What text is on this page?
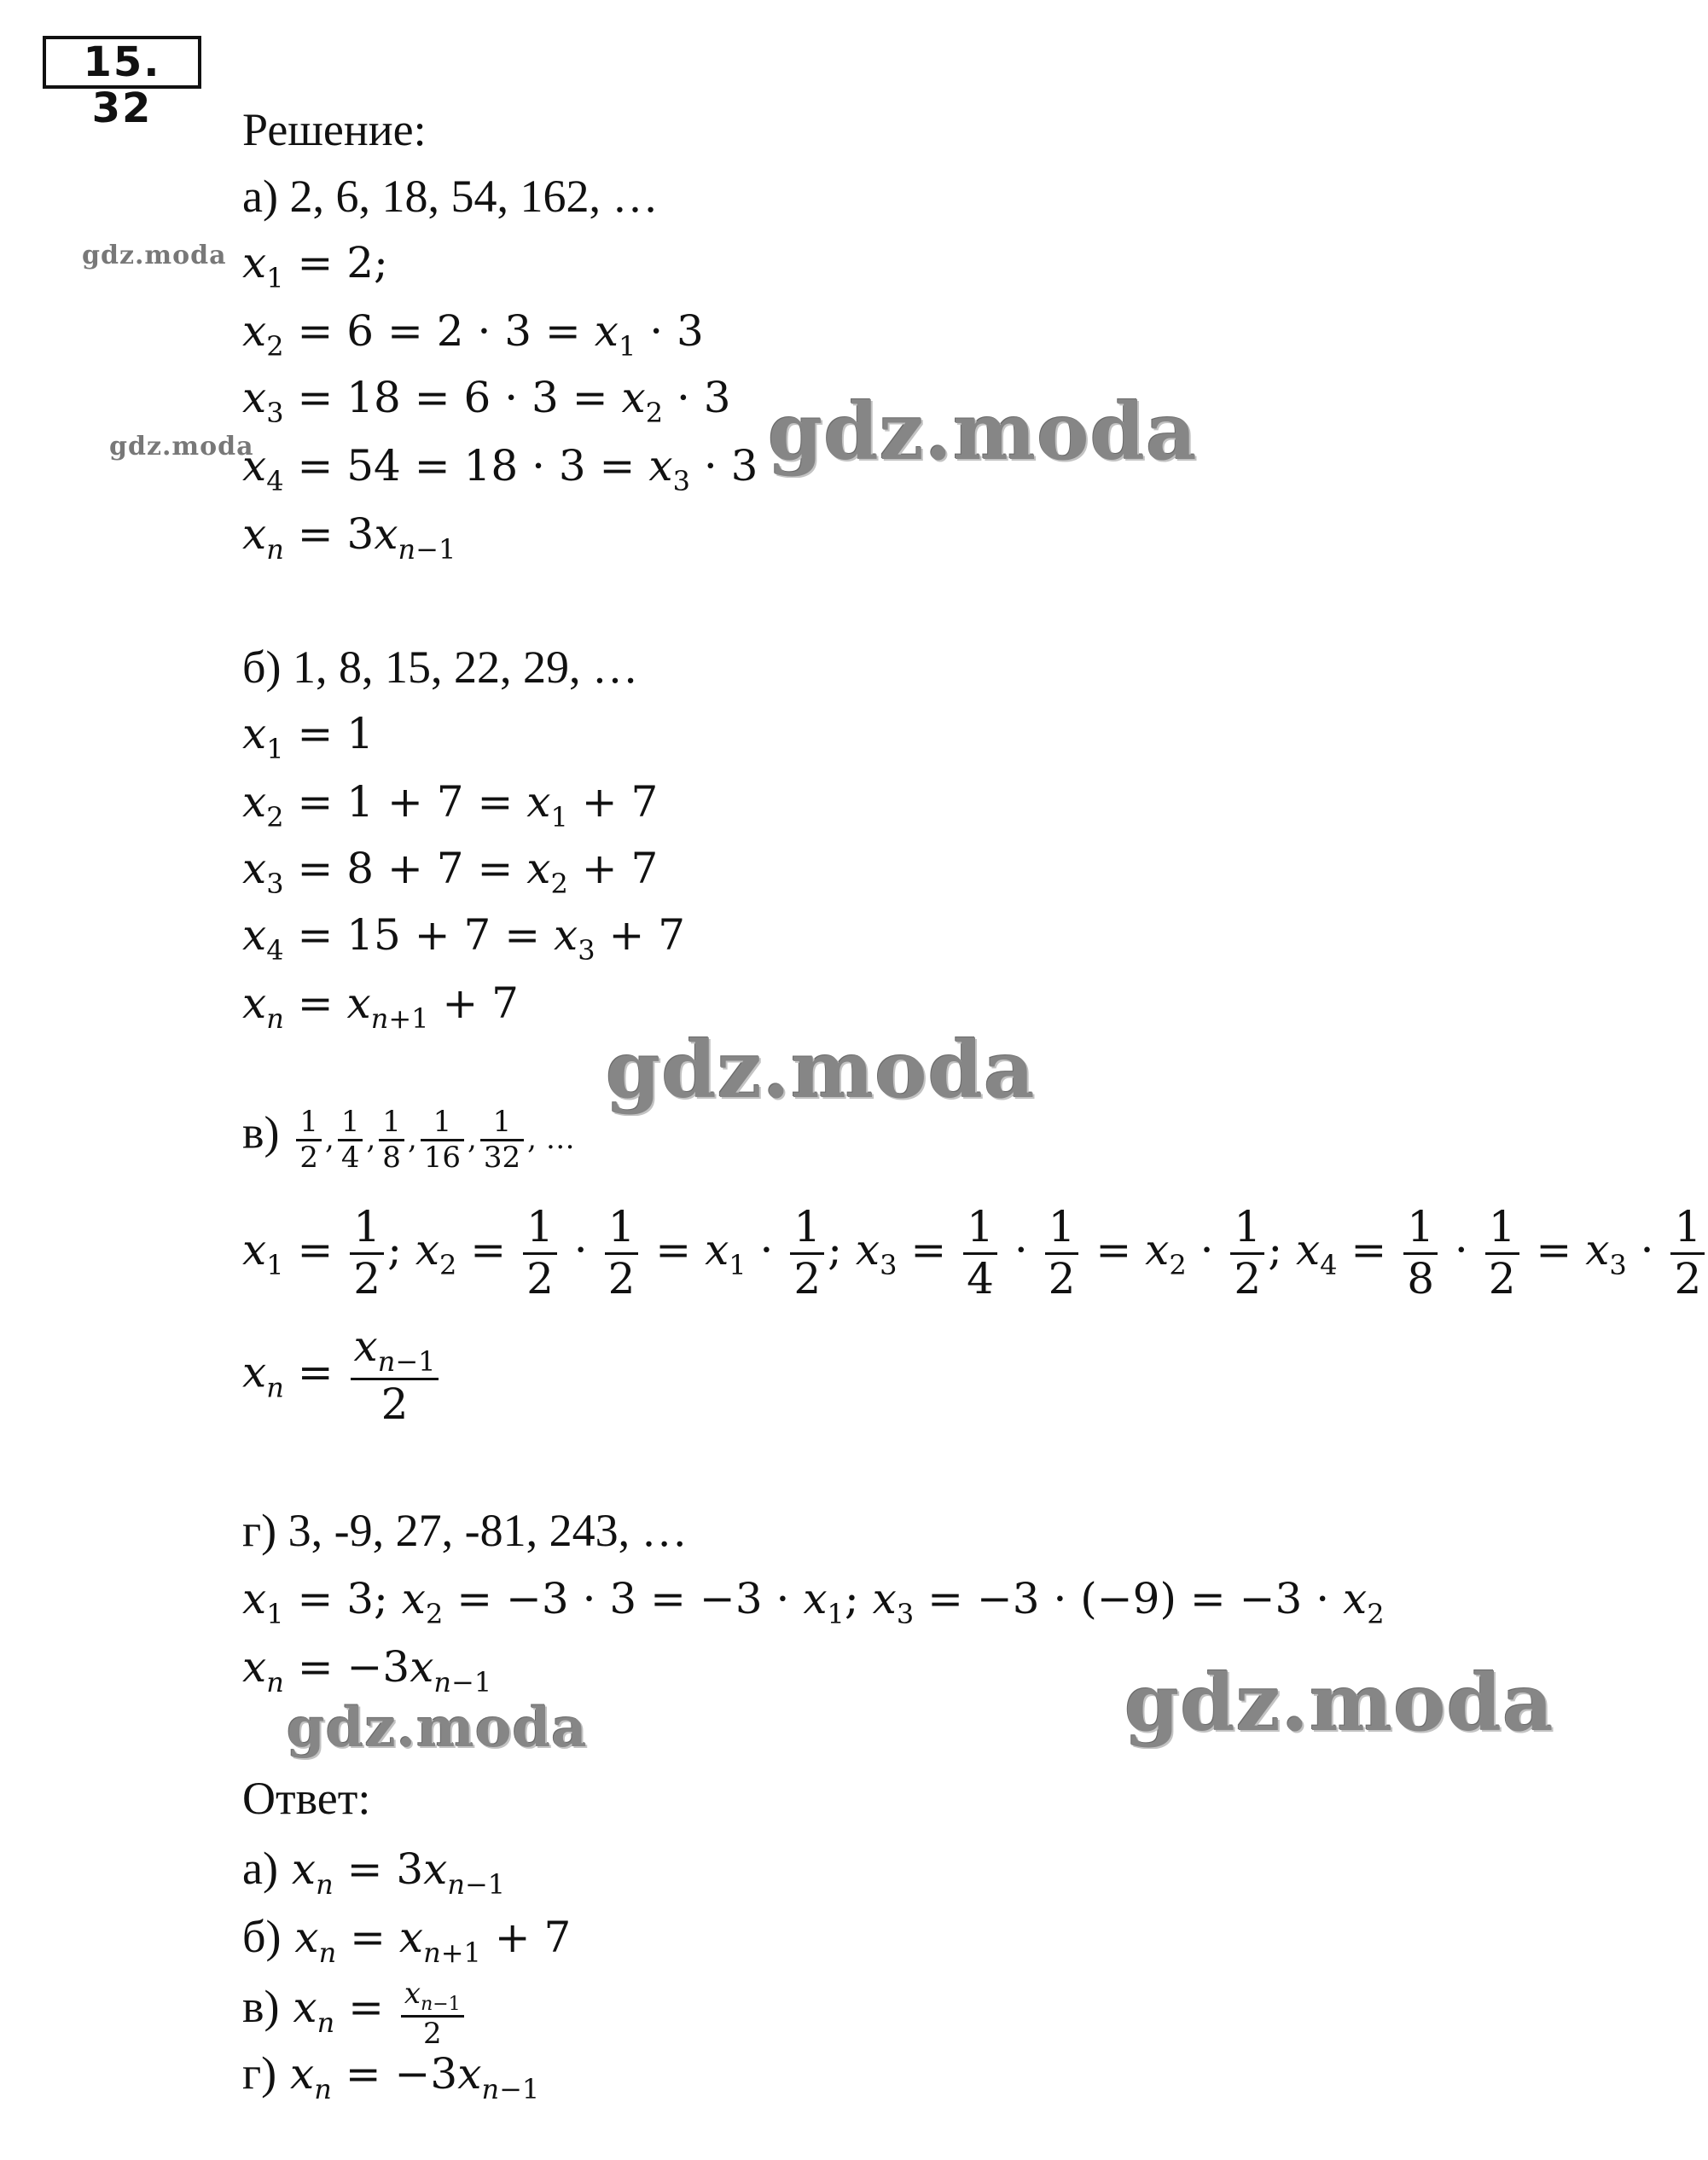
15. 32	Решение:
а) 2, 6, 18, 54, 162, …
$x_1 = 2$;
$x_2 = 6 = 2 \cdot 3 = x_1 \cdot 3$
$x_3 = 18 = 6 \cdot 3 = x_2 \cdot 3$
$x_4 = 54 = 18 \cdot 3 = x_3 \cdot 3$
$x_n = 3x_{n-1}$
б) 1, 8, 15, 22, 29, …
$x_1 = 1$
$x_2 = 1 + 7 = x_1 + 7$
$x_3 = 8 + 7 = x_2 + 7$
$x_4 = 15 + 7 = x_3 + 7$
$x_n = x_{n+1} + 7$
$в) \frac{1}{2}$ , $\frac{1}{4}$ , $\frac{1}{8}$ , $\frac{1}{16}$ , $\frac{1}{32}$ , …
$x_1 = \frac{1}{2}$ ; $x_2 = \frac{1}{2} \cdot \frac{1}{2} = x_1 \cdot \frac{1}{2}$ ; $x_3 = \frac{1}{4} \cdot \frac{1}{2} = x_2 \cdot \frac{1}{2}$ ; $x_4 = \frac{1}{8} \cdot \frac{1}{2} = x_3 \cdot \frac{1}{2}$
$x_n = \frac{x_{n-1}}{2}$
г) 3, -9, 27, -81, 243, …
$x_1 = 3$; $x_2 = -3 \cdot 3 = -3 \cdot x_1$; $x_3 = -3 \cdot (-9) = -3 \cdot x_2$
$x_n = -3x_{n-1}$
Ответ:
а) $x_n = 3x_{n-1}$
б) $x_n = x_{n+1} + 7$
в) $x_n = \frac{x_{n-1}}{2}$
г) $x_n = -3x_{n-1}$
gdz.moda
gdz.moda	gdz.moda
gdz.moda
gdz.moda	gdz.moda
